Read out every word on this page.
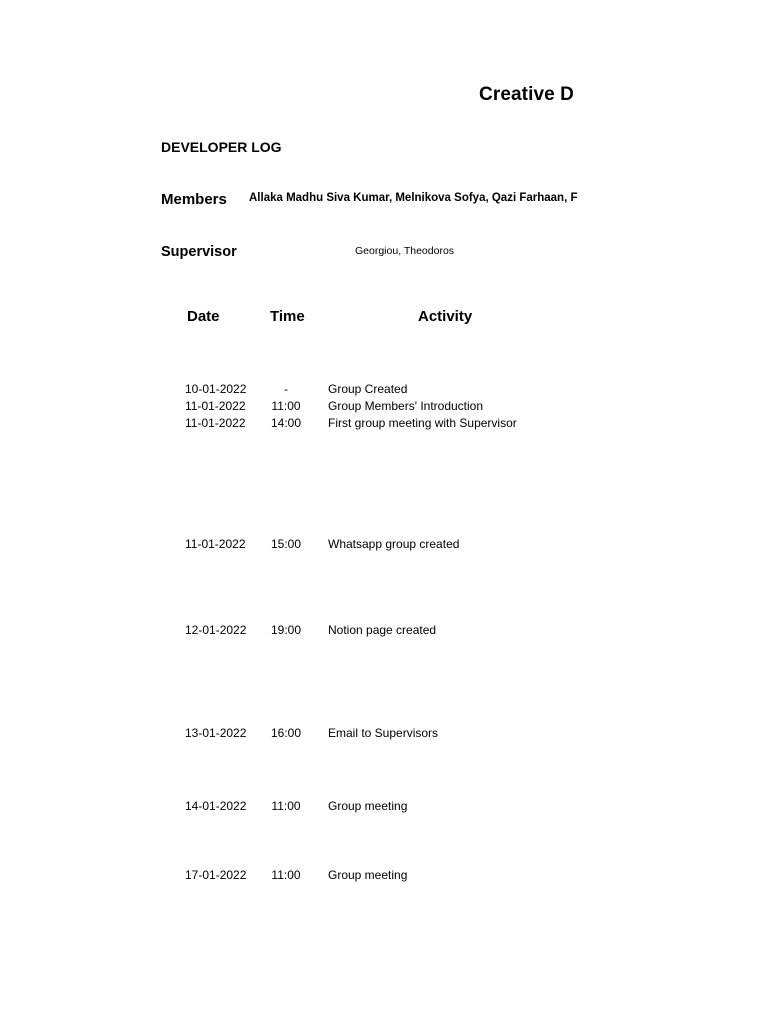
Creative D
DEVELOPER LOG
Members Allaka Madhu Siva Kumar, Melnikova Sofya, Qazi Farhaan, F
Supervisor	Georgiou, Theodoros
Date	Time	Activity
10-01-2022	-	Group Created
11-01-2022	11:00	Group Members' Introduction
11-01-2022	14:00	First group meeting with Supervisor
11-01-2022	15:00	Whatsapp group created
12-01-2022	19:00	Notion page created
13-01-2022	16:00	Email to Supervisors
14-01-2022	11:00	Group meeting
17-01-2022	11:00	Group meeting
